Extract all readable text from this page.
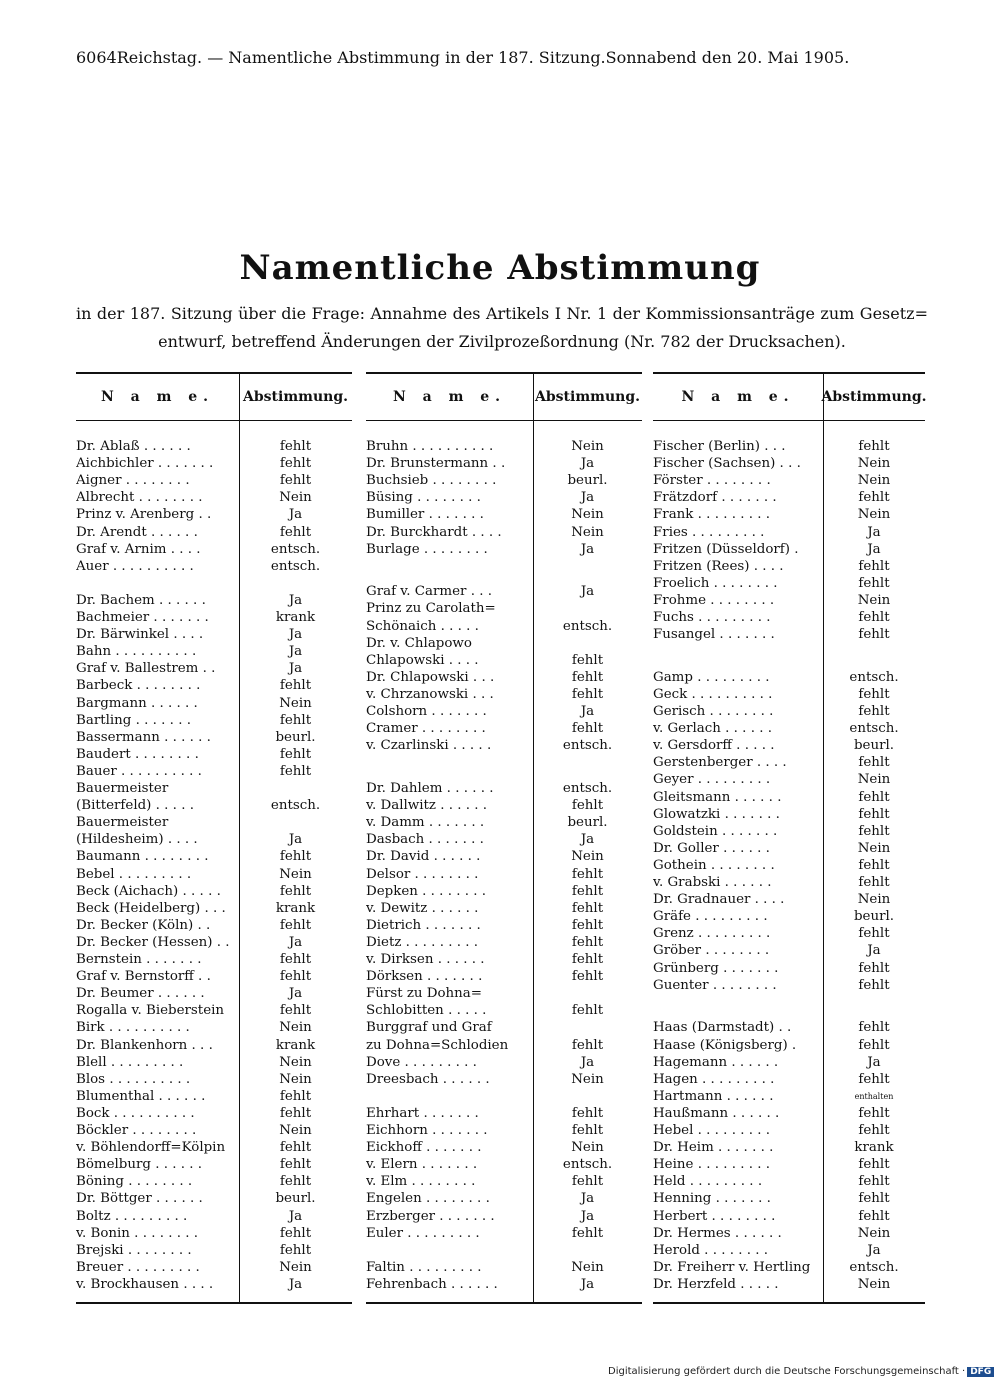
6064 Reichstag. — Namentliche Abstimmung in der 187. Sitzung. Sonnabend den 20. Mai 1905.
Namentliche Abstimmung
in der 187. Sitzung über die Frage: Annahme des Artikels I Nr. 1 der Kommissionsanträge zum Gesetz= entwurf, betreffend Änderungen der Zivilprozeßordnung (Nr. 782 der Drucksachen).
N a m e.	Abstimmung.
Dr. Ablaß . . . . . .	fehlt
Aichbichler . . . . . . .	fehlt
Aigner . . . . . . . .	fehlt
Albrecht . . . . . . . .	Nein
Prinz v. Arenberg . .	Ja
Dr. Arendt . . . . . .	fehlt
Graf v. Arnim . . . .	entsch.
Auer . . . . . . . . . .	entsch.
Dr. Bachem . . . . . .	Ja
Bachmeier . . . . . . .	krank
Dr. Bärwinkel . . . .	Ja
Bahn . . . . . . . . . .	Ja
Graf v. Ballestrem . .	Ja
Barbeck . . . . . . . .	fehlt
Bargmann . . . . . .	Nein
Bartling . . . . . . .	fehlt
Bassermann . . . . . .	beurl.
Baudert . . . . . . . .	fehlt
Bauer . . . . . . . . . .	fehlt
Bauermeister
(Bitterfeld) . . . . .	entsch.
Bauermeister
(Hildesheim) . . . .	Ja
Baumann . . . . . . . .	fehlt
Bebel . . . . . . . . .	Nein
Beck (Aichach) . . . . .	fehlt
Beck (Heidelberg) . . .	krank
Dr. Becker (Köln) . .	fehlt
Dr. Becker (Hessen) . .	Ja
Bernstein . . . . . . .	fehlt
Graf v. Bernstorff . .	fehlt
Dr. Beumer . . . . . .	Ja
Rogalla v. Bieberstein	fehlt
Birk . . . . . . . . . .	Nein
Dr. Blankenhorn . . .	krank
Blell . . . . . . . . .	Nein
Blos . . . . . . . . . .	Nein
Blumenthal . . . . . .	fehlt
Bock . . . . . . . . . .	fehlt
Böckler . . . . . . . .	Nein
v. Böhlendorff=Kölpin	fehlt
Bömelburg . . . . . .	fehlt
Böning . . . . . . . .	fehlt
Dr. Böttger . . . . . .	beurl.
Boltz . . . . . . . . .	Ja
v. Bonin . . . . . . . .	fehlt
Brejski . . . . . . . .	fehlt
Breuer . . . . . . . . .	Nein
v. Brockhausen . . . .	Ja
N a m e.	Abstimmung.
Bruhn . . . . . . . . . .	Nein
Dr. Brunstermann . .	Ja
Buchsieb . . . . . . . .	beurl.
Büsing . . . . . . . .	Ja
Bumiller . . . . . . .	Nein
Dr. Burckhardt . . . .	Nein
Burlage . . . . . . . .	Ja
Graf v. Carmer . . .	Ja
Prinz zu Carolath=
Schönaich . . . . .	entsch.
Dr. v. Chlapowo
Chlapowski . . . .	fehlt
Dr. Chlapowski . . .	fehlt
v. Chrzanowski . . .	fehlt
Colshorn . . . . . . .	Ja
Cramer . . . . . . . .	fehlt
v. Czarlinski . . . . .	entsch.
Dr. Dahlem . . . . . .	entsch.
v. Dallwitz . . . . . .	fehlt
v. Damm . . . . . . .	beurl.
Dasbach . . . . . . .	Ja
Dr. David . . . . . .	Nein
Delsor . . . . . . . .	fehlt
Depken . . . . . . . .	fehlt
v. Dewitz . . . . . .	fehlt
Dietrich . . . . . . .	fehlt
Dietz . . . . . . . . .	fehlt
v. Dirksen . . . . . .	fehlt
Dörksen . . . . . . .	fehlt
Fürst zu Dohna=
Schlobitten . . . . .	fehlt
Burggraf und Graf
zu Dohna=Schlodien	fehlt
Dove . . . . . . . . .	Ja
Dreesbach . . . . . .	Nein
Ehrhart . . . . . . .	fehlt
Eichhorn . . . . . . .	fehlt
Eickhoff . . . . . . .	Nein
v. Elern . . . . . . .	entsch.
v. Elm . . . . . . . .	fehlt
Engelen . . . . . . . .	Ja
Erzberger . . . . . . .	Ja
Euler . . . . . . . . .	fehlt
Faltin . . . . . . . . .	Nein
Fehrenbach . . . . . .	Ja
N a m e.	Abstimmung.
Fischer (Berlin) . . .	fehlt
Fischer (Sachsen) . . .	Nein
Förster . . . . . . . .	Nein
Frätzdorf . . . . . . .	fehlt
Frank . . . . . . . . .	Nein
Fries . . . . . . . . .	Ja
Fritzen (Düsseldorf) .	Ja
Fritzen (Rees) . . . .	fehlt
Froelich . . . . . . . .	fehlt
Frohme . . . . . . . .	Nein
Fuchs . . . . . . . . .	fehlt
Fusangel . . . . . . .	fehlt
Gamp . . . . . . . . .	entsch.
Geck . . . . . . . . . .	fehlt
Gerisch . . . . . . . .	fehlt
v. Gerlach . . . . . .	entsch.
v. Gersdorff . . . . .	beurl.
Gerstenberger . . . .	fehlt
Geyer . . . . . . . . .	Nein
Gleitsmann . . . . . .	fehlt
Glowatzki . . . . . . .	fehlt
Goldstein . . . . . . .	fehlt
Dr. Goller . . . . . .	Nein
Gothein . . . . . . . .	fehlt
v. Grabski . . . . . .	fehlt
Dr. Gradnauer . . . .	Nein
Gräfe . . . . . . . . .	beurl.
Grenz . . . . . . . . .	fehlt
Gröber . . . . . . . .	Ja
Grünberg . . . . . . .	fehlt
Guenter . . . . . . . .	fehlt
Haas (Darmstadt) . .	fehlt
Haase (Königsberg) .	fehlt
Hagemann . . . . . .	Ja
Hagen . . . . . . . . .	fehlt
Hartmann . . . . . .	enthalten
Haußmann . . . . . .	fehlt
Hebel . . . . . . . . .	fehlt
Dr. Heim . . . . . . .	krank
Heine . . . . . . . . .	fehlt
Held . . . . . . . . .	fehlt
Henning . . . . . . .	fehlt
Herbert . . . . . . . .	fehlt
Dr. Hermes . . . . . .	Nein
Herold . . . . . . . .	Ja
Dr. Freiherr v. Hertling	entsch.
Dr. Herzfeld . . . . .	Nein
Digitalisierung gefördert durch die Deutsche Forschungsgemeinschaft · DFG
